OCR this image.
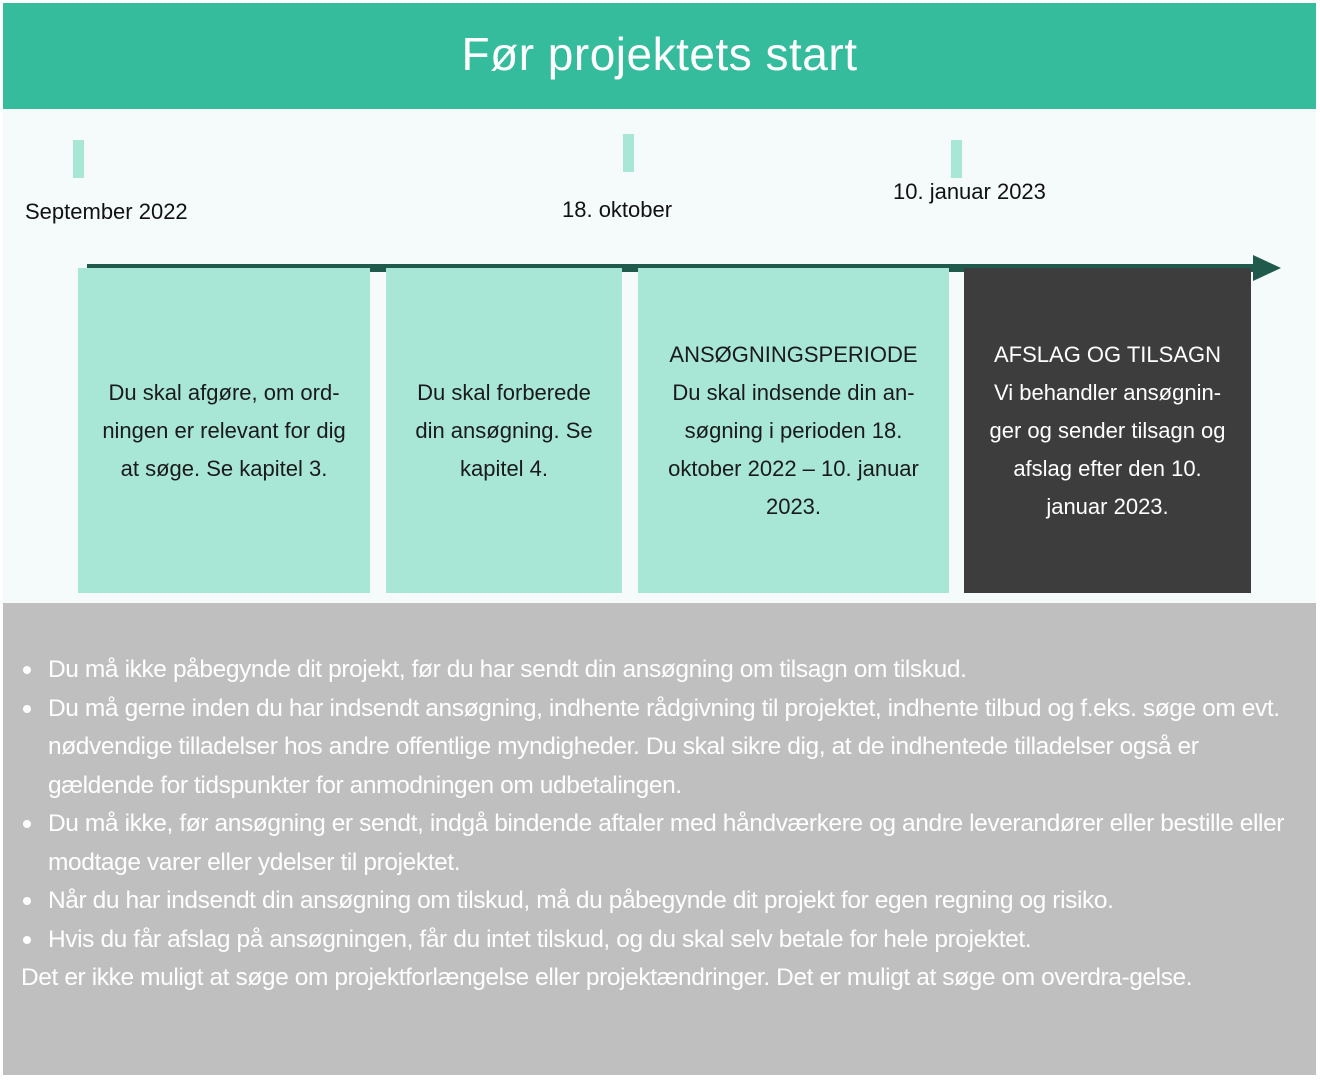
Før projektets start
September 2022	18. oktober
10. januar 2023
Du skal afgøre, om ord-ningen er relevant for dig at søge. Se kapitel 3.
Du skal forberede din ansøgning. Se kapitel 4.
ANSØGNINGSPERIODE
Du skal indsende din an-søgning i perioden 18. oktober 2022 – 10. januar 2023.
AFSLAG OG TILSAGN
Vi behandler ansøgnin-ger og sender tilsagn og afslag efter den 10. januar 2023.
Du må ikke påbegynde dit projekt, før du har sendt din ansøgning om tilsagn om tilskud.
Du må gerne inden du har indsendt ansøgning, indhente rådgivning til projektet, indhente tilbud og f.eks. søge om evt. nødvendige tilladelser hos andre offentlige myndigheder. Du skal sikre dig, at de indhentede tilladelser også er gældende for tidspunkter for anmodningen om udbetalingen.
Du må ikke, før ansøgning er sendt, indgå bindende aftaler med håndværkere og andre leverandører eller bestille eller modtage varer eller ydelser til projektet.
Når du har indsendt din ansøgning om tilskud, må du påbegynde dit projekt for egen regning og risiko.
Hvis du får afslag på ansøgningen, får du intet tilskud, og du skal selv betale for hele projektet.

Det er ikke muligt at søge om projektforlængelse eller projektændringer. Det er muligt at søge om overdra-gelse.
